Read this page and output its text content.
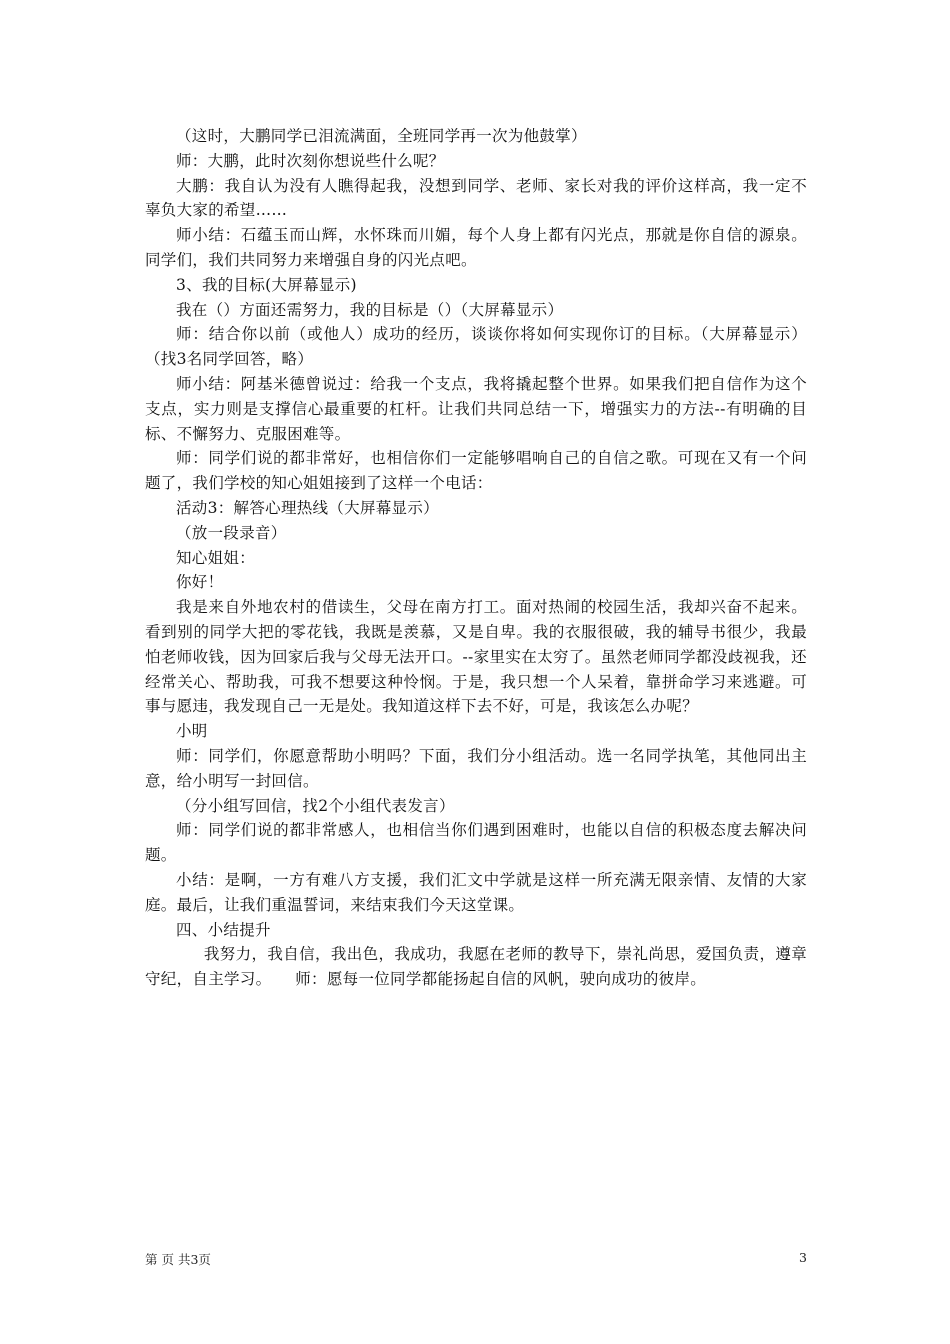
（这时，大鹏同学已泪流满面，全班同学再一次为他鼓掌）

师：大鹏，此时次刻你想说些什么呢？

大鹏：我自认为没有人瞧得起我，没想到同学、老师、家长对我的评价这样高，我一定不辜负大家的希望……

师小结：石蕴玉而山辉，水怀珠而川媚，每个人身上都有闪光点，那就是你自信的源泉。同学们，我们共同努力来增强自身的闪光点吧。

3、我的目标(大屏幕显示)

我在（）方面还需努力，我的目标是（）（大屏幕显示）

师：结合你以前（或他人）成功的经历，谈谈你将如何实现你订的目标。（大屏幕显示）（找3名同学回答，略）

师小结：阿基米德曾说过：给我一个支点，我将撬起整个世界。如果我们把自信作为这个支点，实力则是支撑信心最重要的杠杆。让我们共同总结一下，增强实力的方法--有明确的目标、不懈努力、克服困难等。

师：同学们说的都非常好，也相信你们一定能够唱响自己的自信之歌。可现在又有一个问题了，我们学校的知心姐姐接到了这样一个电话：

活动3：解答心理热线（大屏幕显示）

（放一段录音）

知心姐姐：

你好！

我是来自外地农村的借读生，父母在南方打工。面对热闹的校园生活，我却兴奋不起来。看到别的同学大把的零花钱，我既是羡慕，又是自卑。我的衣服很破，我的辅导书很少，我最怕老师收钱，因为回家后我与父母无法开口。--家里实在太穷了。虽然老师同学都没歧视我，还经常关心、帮助我，可我不想要这种怜悯。于是，我只想一个人呆着，靠拼命学习来逃避。可事与愿违，我发现自己一无是处。我知道这样下去不好，可是，我该怎么办呢？

小明

师：同学们，你愿意帮助小明吗？下面，我们分小组活动。选一名同学执笔，其他同出主意，给小明写一封回信。

（分小组写回信，找2个小组代表发言）

师：同学们说的都非常感人，也相信当你们遇到困难时，也能以自信的积极态度去解决问题。

小结：是啊，一方有难八方支援，我们汇文中学就是这样一所充满无限亲情、友情的大家庭。最后，让我们重温誓词，来结束我们今天这堂课。

四、小结提升

我努力，我自信，我出色，我成功，我愿在老师的教导下，崇礼尚思，爱国负责，遵章守纪，自主学习。　　师：愿每一位同学都能扬起自信的风帆，驶向成功的彼岸。

第 页 共3页	3
